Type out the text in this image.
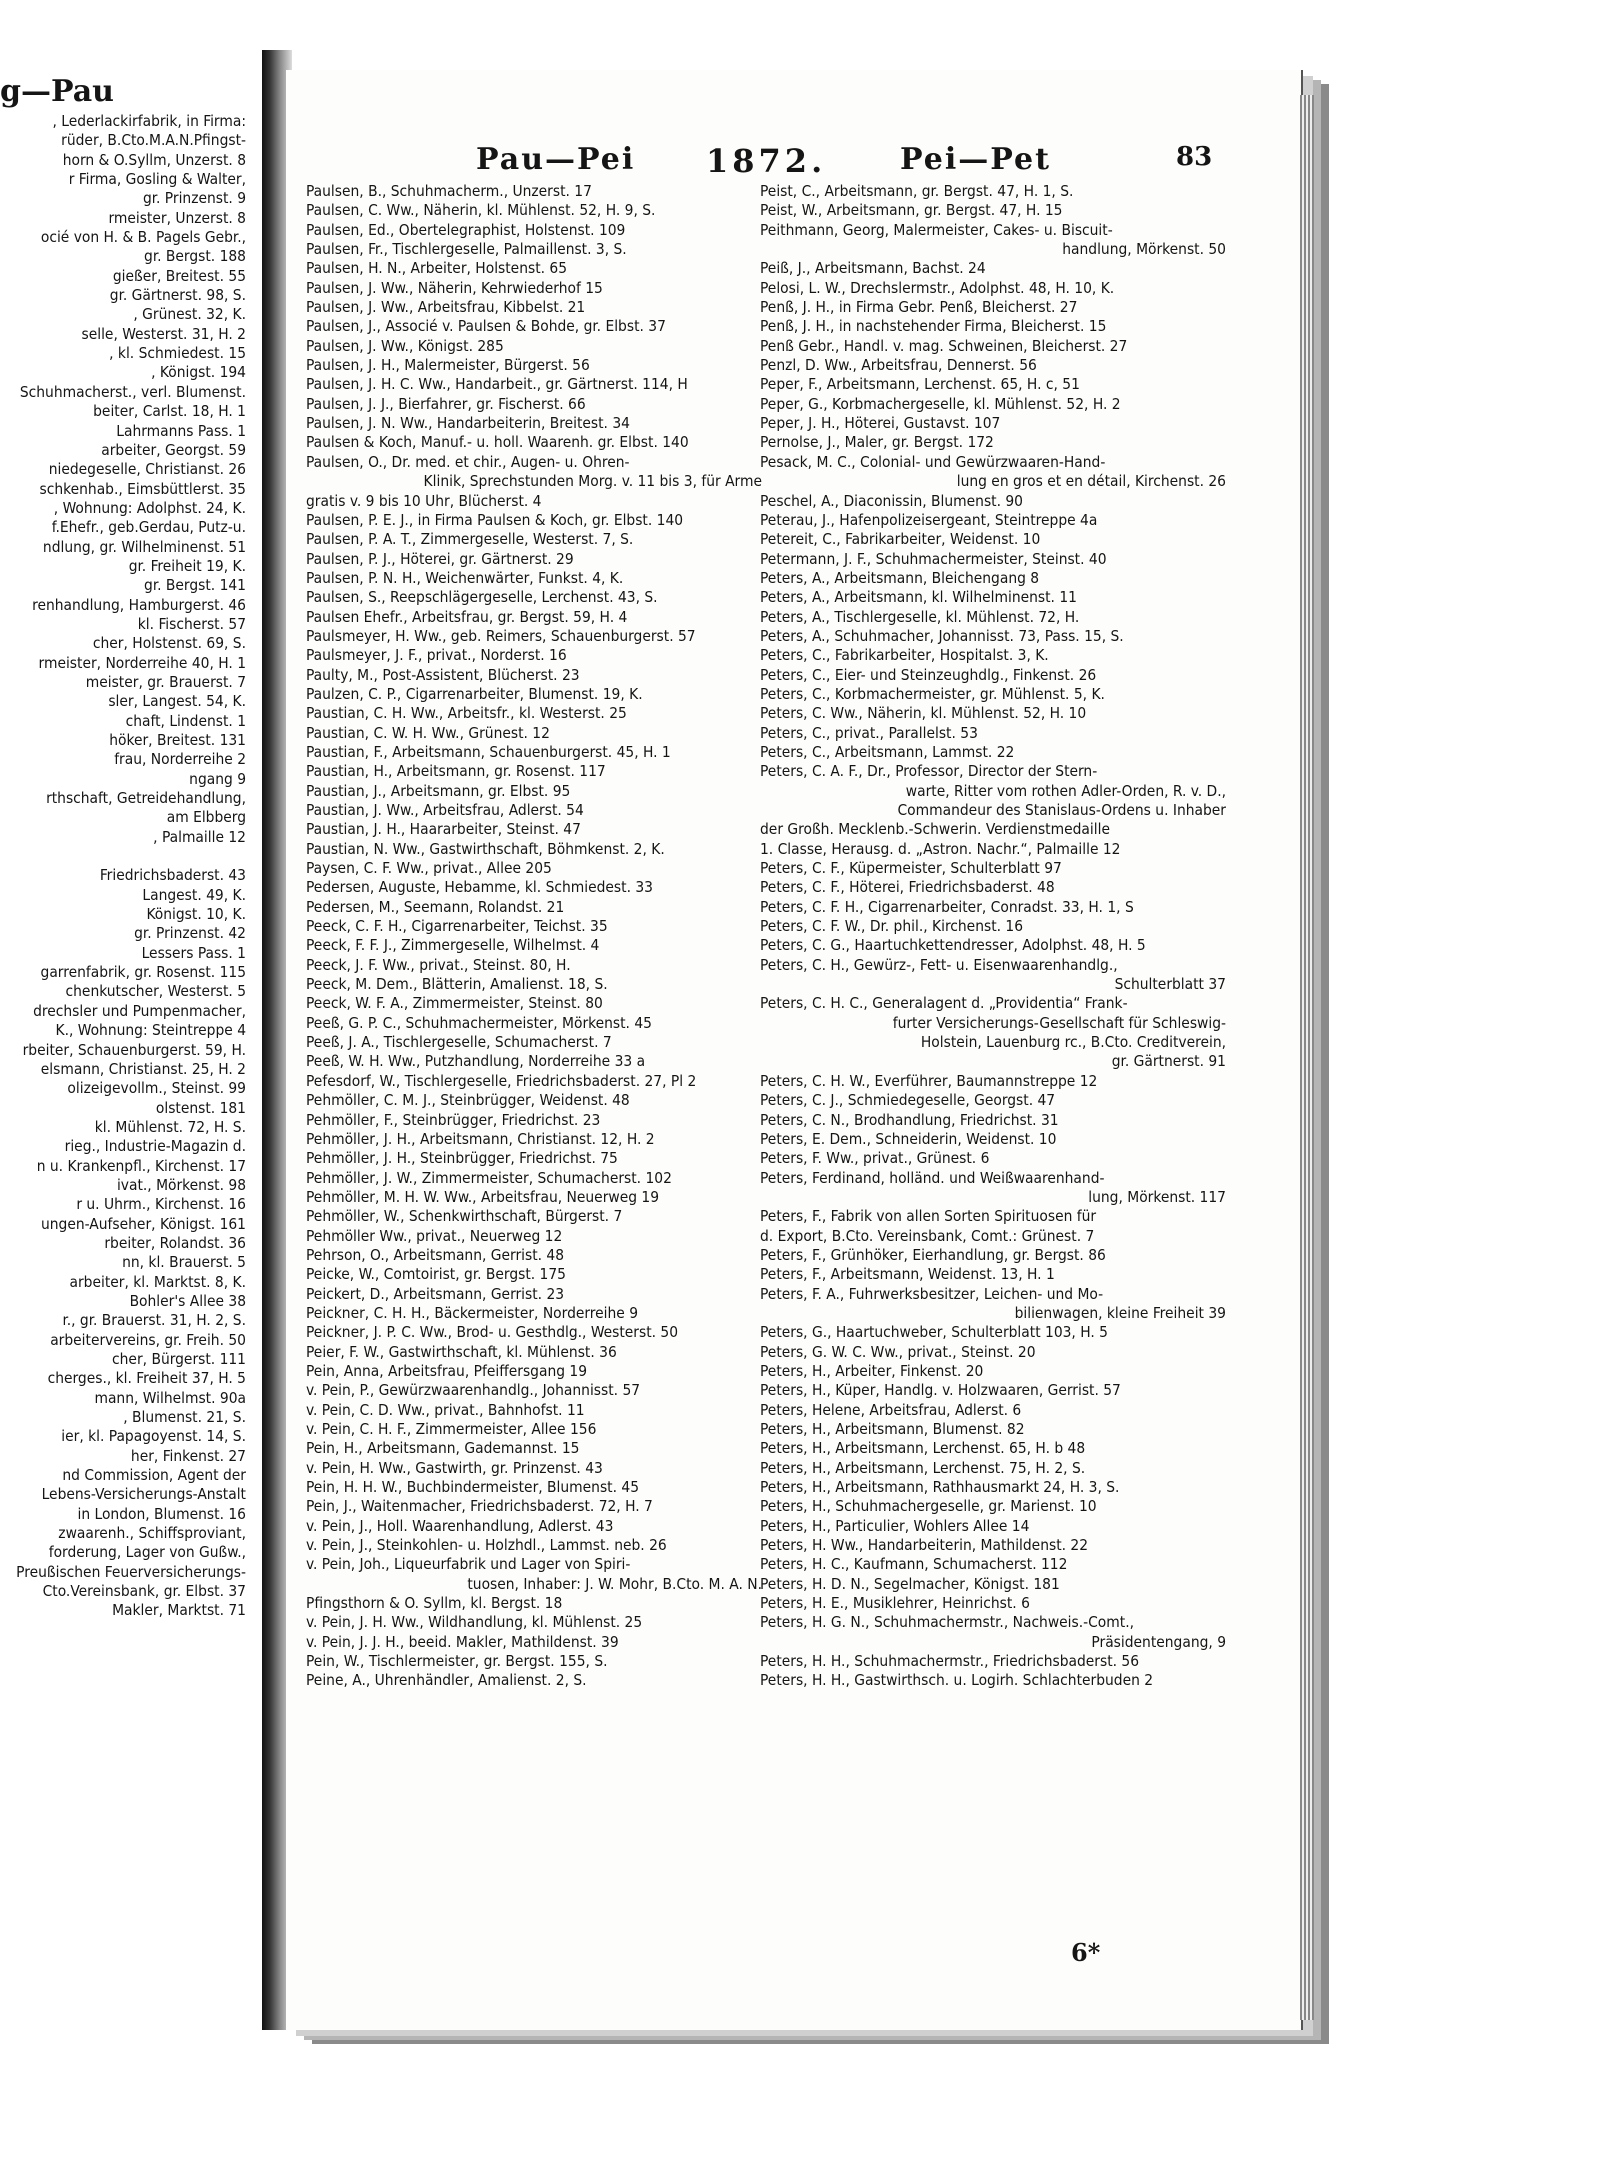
g—Pau
, Lederlackirfabrik, in Firma:
rüder, B.Cto.M.A.N.Pfingst-
horn & O.Syllm, Unzerst. 8
r Firma, Gosling & Walter,
gr. Prinzenst. 9
rmeister, Unzerst. 8
ocié von H. & B. Pagels Gebr.,
gr. Bergst. 188
gießer, Breitest. 55
gr. Gärtnerst. 98, S.
, Grünest. 32, K.
selle, Westerst. 31, H. 2
, kl. Schmiedest. 15
, Königst. 194
Schuhmacherst., verl. Blumenst.
beiter, Carlst. 18, H. 1
Lahrmanns Pass. 1
arbeiter, Georgst. 59
niedegeselle, Christianst. 26
schkenhab., Eimsbüttlerst. 35
, Wohnung: Adolphst. 24, K.
f.Ehefr., geb.Gerdau, Putz-u.
ndlung, gr. Wilhelminenst. 51
gr. Freiheit 19, K.
gr. Bergst. 141
renhandlung, Hamburgerst. 46
kl. Fischerst. 57
cher, Holstenst. 69, S.
rmeister, Norderreihe 40, H. 1
meister, gr. Brauerst. 7
sler, Langest. 54, K.
chaft, Lindenst. 1
höker, Breitest. 131
frau, Norderreihe 2
ngang 9
rthschaft, Getreidehandlung,
am Elbberg
, Palmaille 12
Friedrichsbaderst. 43
Langest. 49, K.
Königst. 10, K.
gr. Prinzenst. 42
Lessers Pass. 1
garrenfabrik, gr. Rosenst. 115
chenkutscher, Westerst. 5
drechsler und Pumpenmacher,
K., Wohnung: Steintreppe 4
rbeiter, Schauenburgerst. 59, H.
elsmann, Christianst. 25, H. 2
olizeigevollm., Steinst. 99
olstenst. 181
kl. Mühlenst. 72, H. S.
rieg., Industrie-Magazin d.
n u. Krankenpfl., Kirchenst. 17
ivat., Mörkenst. 98
r u. Uhrm., Kirchenst. 16
ungen-Aufseher, Königst. 161
rbeiter, Rolandst. 36
nn, kl. Brauerst. 5
arbeiter, kl. Marktst. 8, K.
Bohler's Allee 38
r., gr. Brauerst. 31, H. 2, S.
arbeitervereins, gr. Freih. 50
cher, Bürgerst. 111
cherges., kl. Freiheit 37, H. 5
mann, Wilhelmst. 90a
, Blumenst. 21, S.
ier, kl. Papagoyenst. 14, S.
her, Finkenst. 27
nd Commission, Agent der
Lebens-Versicherungs-Anstalt
in London, Blumenst. 16
zwaarenh., Schiffsproviant,
forderung, Lager von Gußw.,
Preußischen Feuerversicherungs-
Cto.Vereinsbank, gr. Elbst. 37
Makler, Marktst. 71
Pau—Pei 1872. Pei—Pet	83
Paulsen, B., Schuhmacherm., Unzerst. 17
Paulsen, C. Ww., Näherin, kl. Mühlenst. 52, H. 9, S.
Paulsen, Ed., Obertelegraphist, Holstenst. 109
Paulsen, Fr., Tischlergeselle, Palmaillenst. 3, S.
Paulsen, H. N., Arbeiter, Holstenst. 65
Paulsen, J. Ww., Näherin, Kehrwiederhof 15
Paulsen, J. Ww., Arbeitsfrau, Kibbelst. 21
Paulsen, J., Associé v. Paulsen & Bohde, gr. Elbst. 37
Paulsen, J. Ww., Königst. 285
Paulsen, J. H., Malermeister, Bürgerst. 56
Paulsen, J. H. C. Ww., Handarbeit., gr. Gärtnerst. 114, H
Paulsen, J. J., Bierfahrer, gr. Fischerst. 66
Paulsen, J. N. Ww., Handarbeiterin, Breitest. 34
Paulsen & Koch, Manuf.- u. holl. Waarenh. gr. Elbst. 140
Paulsen, O., Dr. med. et chir., Augen- u. Ohren-
Klinik, Sprechstunden Morg. v. 11 bis 3, für Arme
gratis v. 9 bis 10 Uhr, Blücherst. 4
Paulsen, P. E. J., in Firma Paulsen & Koch, gr. Elbst. 140
Paulsen, P. A. T., Zimmergeselle, Westerst. 7, S.
Paulsen, P. J., Höterei, gr. Gärtnerst. 29
Paulsen, P. N. H., Weichenwärter, Funkst. 4, K.
Paulsen, S., Reepschlägergeselle, Lerchenst. 43, S.
Paulsen Ehefr., Arbeitsfrau, gr. Bergst. 59, H. 4
Paulsmeyer, H. Ww., geb. Reimers, Schauenburgerst. 57
Paulsmeyer, J. F., privat., Norderst. 16
Paulty, M., Post-Assistent, Blücherst. 23
Paulzen, C. P., Cigarrenarbeiter, Blumenst. 19, K.
Paustian, C. H. Ww., Arbeitsfr., kl. Westerst. 25
Paustian, C. W. H. Ww., Grünest. 12
Paustian, F., Arbeitsmann, Schauenburgerst. 45, H. 1
Paustian, H., Arbeitsmann, gr. Rosenst. 117
Paustian, J., Arbeitsmann, gr. Elbst. 95
Paustian, J. Ww., Arbeitsfrau, Adlerst. 54
Paustian, J. H., Haararbeiter, Steinst. 47
Paustian, N. Ww., Gastwirthschaft, Böhmkenst. 2, K.
Paysen, C. F. Ww., privat., Allee 205
Pedersen, Auguste, Hebamme, kl. Schmiedest. 33
Pedersen, M., Seemann, Rolandst. 21
Peeck, C. F. H., Cigarrenarbeiter, Teichst. 35
Peeck, F. F. J., Zimmergeselle, Wilhelmst. 4
Peeck, J. F. Ww., privat., Steinst. 80, H.
Peeck, M. Dem., Blätterin, Amalienst. 18, S.
Peeck, W. F. A., Zimmermeister, Steinst. 80
Peeß, G. P. C., Schuhmachermeister, Mörkenst. 45
Peeß, J. A., Tischlergeselle, Schumacherst. 7
Peeß, W. H. Ww., Putzhandlung, Norderreihe 33 a
Pefesdorf, W., Tischlergeselle, Friedrichsbaderst. 27, Pl 2
Pehmöller, C. M. J., Steinbrügger, Weidenst. 48
Pehmöller, F., Steinbrügger, Friedrichst. 23
Pehmöller, J. H., Arbeitsmann, Christianst. 12, H. 2
Pehmöller, J. H., Steinbrügger, Friedrichst. 75
Pehmöller, J. W., Zimmermeister, Schumacherst. 102
Pehmöller, M. H. W. Ww., Arbeitsfrau, Neuerweg 19
Pehmöller, W., Schenkwirthschaft, Bürgerst. 7
Pehmöller Ww., privat., Neuerweg 12
Pehrson, O., Arbeitsmann, Gerrist. 48
Peicke, W., Comtoirist, gr. Bergst. 175
Peickert, D., Arbeitsmann, Gerrist. 23
Peickner, C. H. H., Bäckermeister, Norderreihe 9
Peickner, J. P. C. Ww., Brod- u. Gesthdlg., Westerst. 50
Peier, F. W., Gastwirthschaft, kl. Mühlenst. 36
Pein, Anna, Arbeitsfrau, Pfeiffersgang 19
v. Pein, P., Gewürzwaarenhandlg., Johannisst. 57
v. Pein, C. D. Ww., privat., Bahnhofst. 11
v. Pein, C. H. F., Zimmermeister, Allee 156
Pein, H., Arbeitsmann, Gademannst. 15
v. Pein, H. Ww., Gastwirth, gr. Prinzenst. 43
Pein, H. H. W., Buchbindermeister, Blumenst. 45
Pein, J., Waitenmacher, Friedrichsbaderst. 72, H. 7
v. Pein, J., Holl. Waarenhandlung, Adlerst. 43
v. Pein, J., Steinkohlen- u. Holzhdl., Lammst. neb. 26
v. Pein, Joh., Liqueurfabrik und Lager von Spiri-
tuosen, Inhaber: J. W. Mohr, B.Cto. M. A. N.
Pfingsthorn & O. Syllm, kl. Bergst. 18
v. Pein, J. H. Ww., Wildhandlung, kl. Mühlenst. 25
v. Pein, J. J. H., beeid. Makler, Mathildenst. 39
Pein, W., Tischlermeister, gr. Bergst. 155, S.
Peine, A., Uhrenhändler, Amalienst. 2, S.
Peist, C., Arbeitsmann, gr. Bergst. 47, H. 1, S.
Peist, W., Arbeitsmann, gr. Bergst. 47, H. 15
Peithmann, Georg, Malermeister, Cakes- u. Biscuit-
handlung, Mörkenst. 50
Peiß, J., Arbeitsmann, Bachst. 24
Pelosi, L. W., Drechslermstr., Adolphst. 48, H. 10, K.
Penß, J. H., in Firma Gebr. Penß, Bleicherst. 27
Penß, J. H., in nachstehender Firma, Bleicherst. 15
Penß Gebr., Handl. v. mag. Schweinen, Bleicherst. 27
Penzl, D. Ww., Arbeitsfrau, Dennerst. 56
Peper, F., Arbeitsmann, Lerchenst. 65, H. c, 51
Peper, G., Korbmachergeselle, kl. Mühlenst. 52, H. 2
Peper, J. H., Höterei, Gustavst. 107
Pernolse, J., Maler, gr. Bergst. 172
Pesack, M. C., Colonial- und Gewürzwaaren-Hand-
lung en gros et en détail, Kirchenst. 26
Peschel, A., Diaconissin, Blumenst. 90
Peterau, J., Hafenpolizeisergeant, Steintreppe 4a
Petereit, C., Fabrikarbeiter, Weidenst. 10
Petermann, J. F., Schuhmachermeister, Steinst. 40
Peters, A., Arbeitsmann, Bleichengang 8
Peters, A., Arbeitsmann, kl. Wilhelminenst. 11
Peters, A., Tischlergeselle, kl. Mühlenst. 72, H.
Peters, A., Schuhmacher, Johannisst. 73, Pass. 15, S.
Peters, C., Fabrikarbeiter, Hospitalst. 3, K.
Peters, C., Eier- und Steinzeughdlg., Finkenst. 26
Peters, C., Korbmachermeister, gr. Mühlenst. 5, K.
Peters, C. Ww., Näherin, kl. Mühlenst. 52, H. 10
Peters, C., privat., Parallelst. 53
Peters, C., Arbeitsmann, Lammst. 22
Peters, C. A. F., Dr., Professor, Director der Stern-
warte, Ritter vom rothen Adler-Orden, R. v. D.,
Commandeur des Stanislaus-Ordens u. Inhaber
der Großh. Mecklenb.-Schwerin. Verdienstmedaille
1. Classe, Herausg. d. „Astron. Nachr.“, Palmaille 12
Peters, C. F., Küpermeister, Schulterblatt 97
Peters, C. F., Höterei, Friedrichsbaderst. 48
Peters, C. F. H., Cigarrenarbeiter, Conradst. 33, H. 1, S
Peters, C. F. W., Dr. phil., Kirchenst. 16
Peters, C. G., Haartuchkettendresser, Adolphst. 48, H. 5
Peters, C. H., Gewürz-, Fett- u. Eisenwaarenhandlg.,
Schulterblatt 37
Peters, C. H. C., Generalagent d. „Providentia“ Frank-
furter Versicherungs-Gesellschaft für Schleswig-
Holstein, Lauenburg rc., B.Cto. Creditverein,
gr. Gärtnerst. 91
Peters, C. H. W., Everführer, Baumannstreppe 12
Peters, C. J., Schmiedegeselle, Georgst. 47
Peters, C. N., Brodhandlung, Friedrichst. 31
Peters, E. Dem., Schneiderin, Weidenst. 10
Peters, F. Ww., privat., Grünest. 6
Peters, Ferdinand, holländ. und Weißwaarenhand-
lung, Mörkenst. 117
Peters, F., Fabrik von allen Sorten Spirituosen für
d. Export, B.Cto. Vereinsbank, Comt.: Grünest. 7
Peters, F., Grünhöker, Eierhandlung, gr. Bergst. 86
Peters, F., Arbeitsmann, Weidenst. 13, H. 1
Peters, F. A., Fuhrwerksbesitzer, Leichen- und Mo-
bilienwagen, kleine Freiheit 39
Peters, G., Haartuchweber, Schulterblatt 103, H. 5
Peters, G. W. C. Ww., privat., Steinst. 20
Peters, H., Arbeiter, Finkenst. 20
Peters, H., Küper, Handlg. v. Holzwaaren, Gerrist. 57
Peters, Helene, Arbeitsfrau, Adlerst. 6
Peters, H., Arbeitsmann, Blumenst. 82
Peters, H., Arbeitsmann, Lerchenst. 65, H. b 48
Peters, H., Arbeitsmann, Lerchenst. 75, H. 2, S.
Peters, H., Arbeitsmann, Rathhausmarkt 24, H. 3, S.
Peters, H., Schuhmachergeselle, gr. Marienst. 10
Peters, H., Particulier, Wohlers Allee 14
Peters, H. Ww., Handarbeiterin, Mathildenst. 22
Peters, H. C., Kaufmann, Schumacherst. 112
Peters, H. D. N., Segelmacher, Königst. 181
Peters, H. E., Musiklehrer, Heinrichst. 6
Peters, H. G. N., Schuhmachermstr., Nachweis.-Comt.,
Präsidentengang, 9
Peters, H. H., Schuhmachermstr., Friedrichsbaderst. 56
Peters, H. H., Gastwirthsch. u. Logirh. Schlachterbuden 2
6*
